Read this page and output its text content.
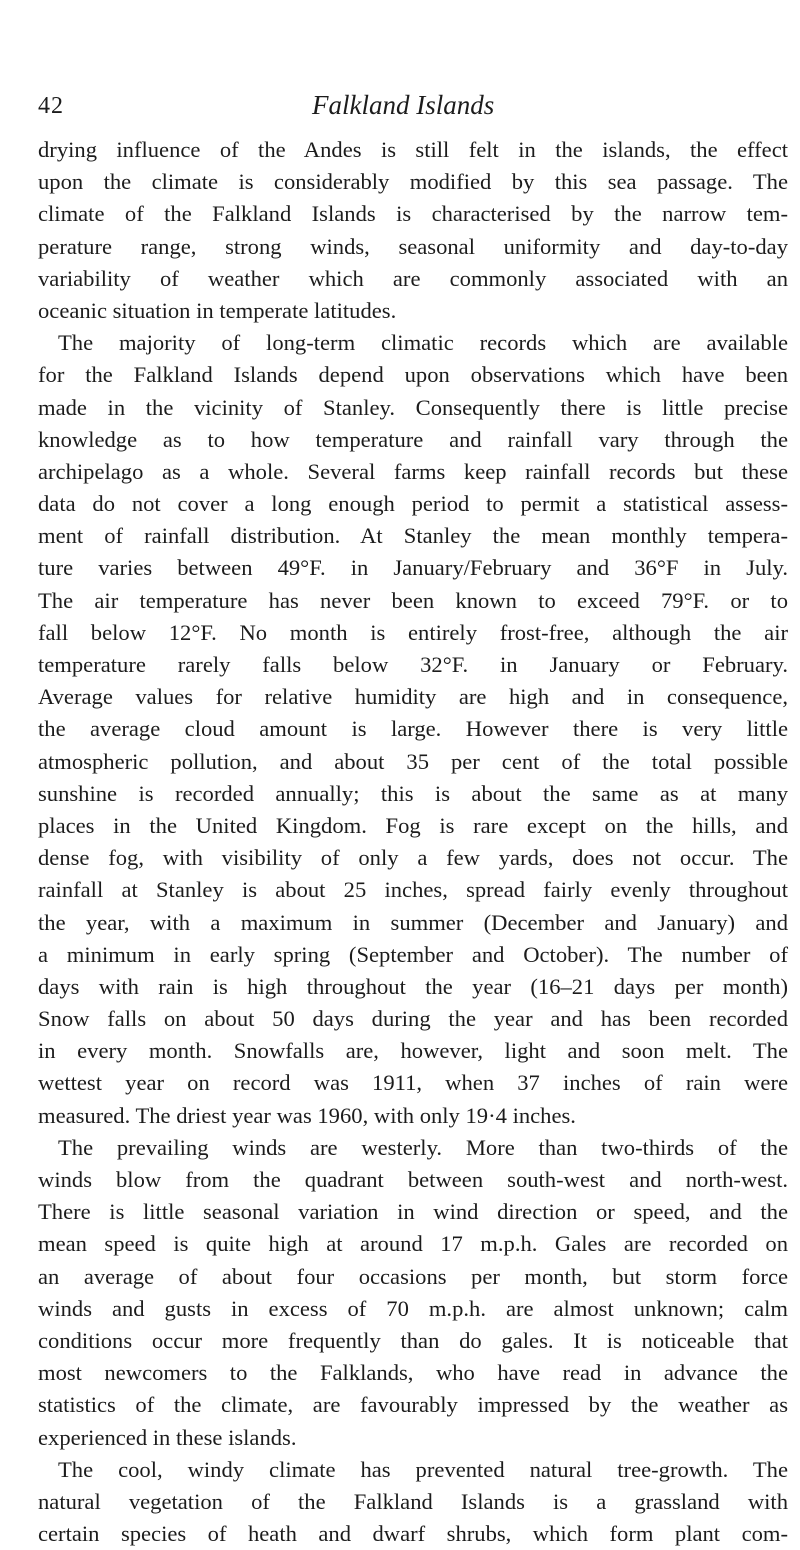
42	Falkland Islands
drying influence of the Andes is still felt in the islands, the effect
upon the climate is considerably modified by this sea passage. The
climate of the Falkland Islands is characterised by the narrow tem-
perature range, strong winds, seasonal uniformity and day-to-day
variability of weather which are commonly associated with an
oceanic situation in temperate latitudes.
The majority of long-term climatic records which are available
for the Falkland Islands depend upon observations which have been
made in the vicinity of Stanley. Consequently there is little precise
knowledge as to how temperature and rainfall vary through the
archipelago as a whole. Several farms keep rainfall records but these
data do not cover a long enough period to permit a statistical assess-
ment of rainfall distribution. At Stanley the mean monthly tempera-
ture varies between 49°F. in January/February and 36°F in July.
The air temperature has never been known to exceed 79°F. or to
fall below 12°F. No month is entirely frost-free, although the air
temperature rarely falls below 32°F. in January or February.
Average values for relative humidity are high and in consequence,
the average cloud amount is large. However there is very little
atmospheric pollution, and about 35 per cent of the total possible
sunshine is recorded annually; this is about the same as at many
places in the United Kingdom. Fog is rare except on the hills, and
dense fog, with visibility of only a few yards, does not occur. The
rainfall at Stanley is about 25 inches, spread fairly evenly throughout
the year, with a maximum in summer (December and January) and
a minimum in early spring (September and October). The number of
days with rain is high throughout the year (16–21 days per month)
Snow falls on about 50 days during the year and has been recorded
in every month. Snowfalls are, however, light and soon melt. The
wettest year on record was 1911, when 37 inches of rain were
measured. The driest year was 1960, with only 19·4 inches.
The prevailing winds are westerly. More than two-thirds of the
winds blow from the quadrant between south-west and north-west.
There is little seasonal variation in wind direction or speed, and the
mean speed is quite high at around 17 m.p.h. Gales are recorded on
an average of about four occasions per month, but storm force
winds and gusts in excess of 70 m.p.h. are almost unknown; calm
conditions occur more frequently than do gales. It is noticeable that
most newcomers to the Falklands, who have read in advance the
statistics of the climate, are favourably impressed by the weather as
experienced in these islands.
The cool, windy climate has prevented natural tree-growth. The
natural vegetation of the Falkland Islands is a grassland with
certain species of heath and dwarf shrubs, which form plant com-
